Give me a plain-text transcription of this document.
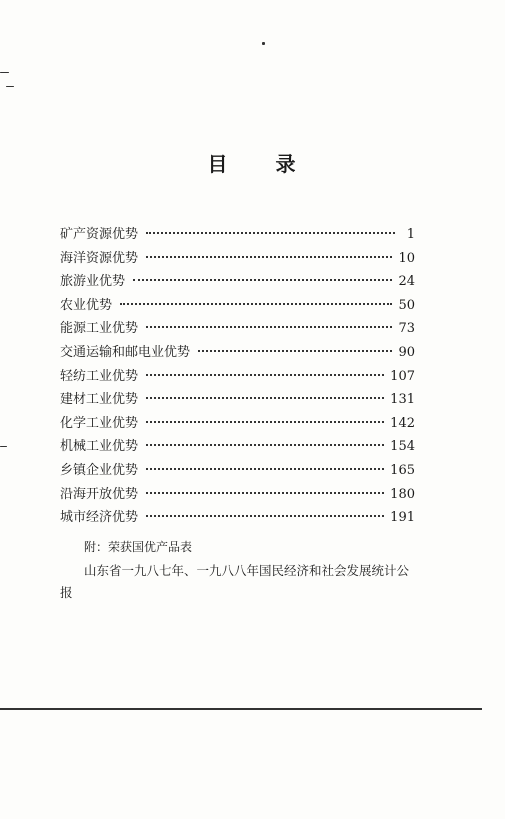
目 录
矿产资源优势	1
海洋资源优势	10
旅游业优势	24
农业优势	50
能源工业优势	73
交通运输和邮电业优势	90
轻纺工业优势	107
建材工业优势	131
化学工业优势	142
机械工业优势	154
乡镇企业优势	165
沿海开放优势	180
城市经济优势	191
附：荣获国优产品表
山东省一九八七年、一九八八年国民经济和社会发展统计公报
